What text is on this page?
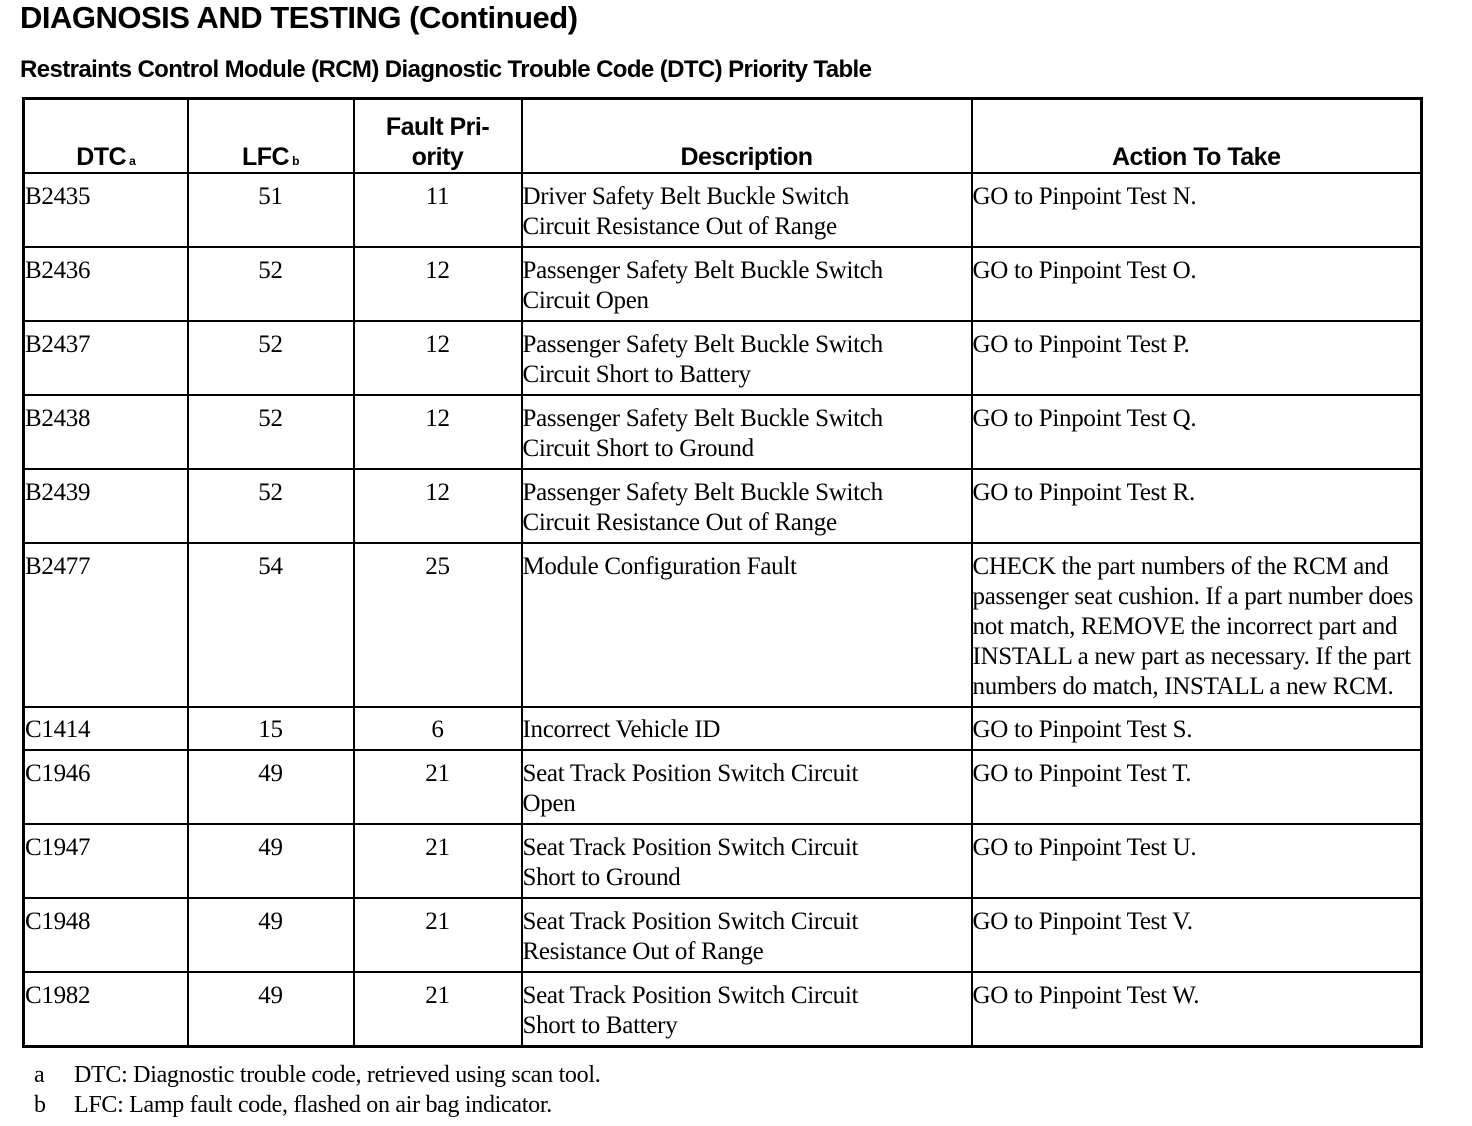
DIAGNOSIS AND TESTING (Continued)
Restraints Control Module (RCM) Diagnostic Trouble Code (DTC) Priority Table
DTC $^a$	LFC $^b$	Fault Pri-
ority	Description	Action To Take

B2435	51	11	Driver Safety Belt Buckle Switch
Circuit Resistance Out of Range	GO to Pinpoint Test N.

B2436	52	12	Passenger Safety Belt Buckle Switch
Circuit Open	GO to Pinpoint Test O.

B2437	52	12	Passenger Safety Belt Buckle Switch
Circuit Short to Battery	GO to Pinpoint Test P.

B2438	52	12	Passenger Safety Belt Buckle Switch
Circuit Short to Ground	GO to Pinpoint Test Q.

B2439	52	12	Passenger Safety Belt Buckle Switch
Circuit Resistance Out of Range	GO to Pinpoint Test R.

B2477	54	25	Module Configuration Fault	CHECK the part numbers of the RCM and passenger seat cushion. If a part number does not match, REMOVE the incorrect part and INSTALL a new part as necessary. If the part numbers do match, INSTALL a new RCM.

C1414	15	6	Incorrect Vehicle ID	GO to Pinpoint Test S.

C1946	49	21	Seat Track Position Switch Circuit
Open	GO to Pinpoint Test T.

C1947	49	21	Seat Track Position Switch Circuit
Short to Ground	GO to Pinpoint Test U.

C1948	49	21	Seat Track Position Switch Circuit
Resistance Out of Range	GO to Pinpoint Test V.

C1982	49	21	Seat Track Position Switch Circuit
Short to Battery	GO to Pinpoint Test W.
a	DTC: Diagnostic trouble code, retrieved using scan tool.
b	LFC: Lamp fault code, flashed on air bag indicator.
